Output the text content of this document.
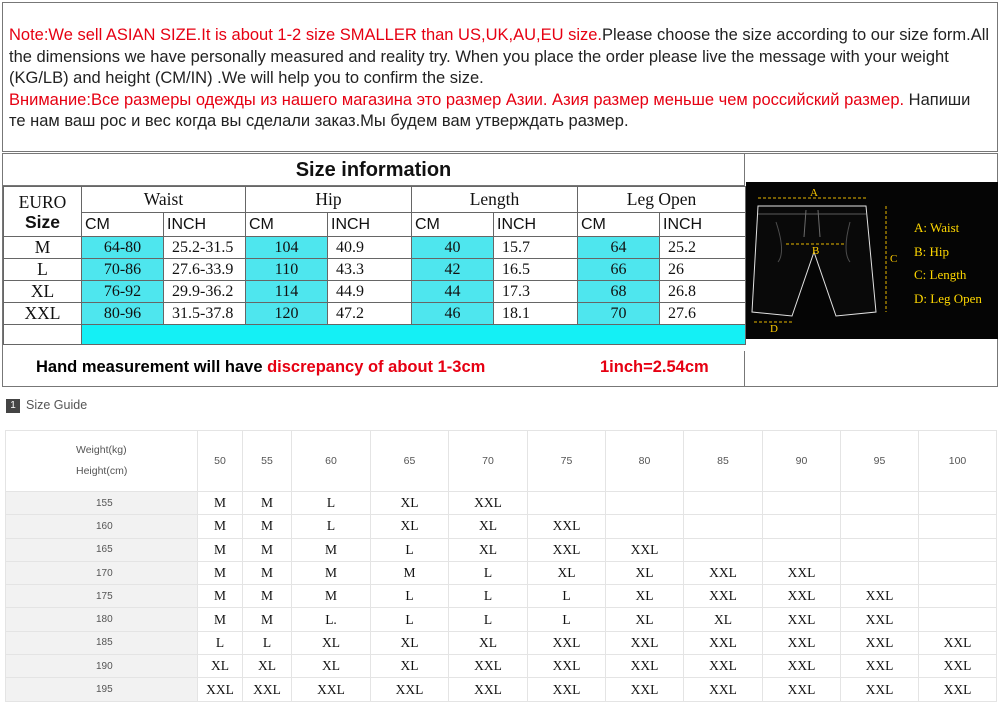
Note:We sell ASIAN SIZE.It is about 1-2 size SMALLER than US,UK,AU,EU size.Please choose the size according to our size form.All the dimensions we have personally measured and reality try. When you place the order please live the message with your weight (KG/LB) and height (CM/IN) .We will help you to confirm the size.
Внимание:Все размеры одежды из нашего магазина это размер Азии. Азия размер меньше чем российский размер. Напиши те нам ваш рос и вес когда вы сделали заказ.Мы будем вам утверждать размер.
Size information
EURO
Size	Waist		Hip		Length		Leg Open	
	CM	INCH	CM	INCH	CM	INCH	CM	INCH
M	64-80	25.2-31.5	104	40.9	40	15.7	64	25.2
L	70-86	27.6-33.9	110	43.3	42	16.5	66	26
XL	76-92	29.9-36.2	114	44.9	44	17.3	68	26.8
XXL	80-96	31.5-37.8	120	47.2	46	18.1	70	27.6

A
B
C
D
A: Waist
B: Hip
C: Length
D: Leg Open
Hand measurement will have discrepancy of about 1-3cm	1inch=2.54cm
1 Size Guide
Weight(kg)
Height(cm)	50	55	60	65	70	75	80	85	90	95	100
155	M	M	L	XL	XXL						
160	M	M	L	XL	XL	XXL					
165	M	M	M	L	XL	XXL	XXL				
170	M	M	M	M	L	XL	XL	XXL	XXL		
175	M	M	M	L	L	L	XL	XXL	XXL	XXL	
180	M	M	L.	L	L	L	XL	XL	XXL	XXL	
185	L	L	XL	XL	XL	XXL	XXL	XXL	XXL	XXL	XXL
190	XL	XL	XL	XL	XXL	XXL	XXL	XXL	XXL	XXL	XXL
195	XXL	XXL	XXL	XXL	XXL	XXL	XXL	XXL	XXL	XXL	XXL
